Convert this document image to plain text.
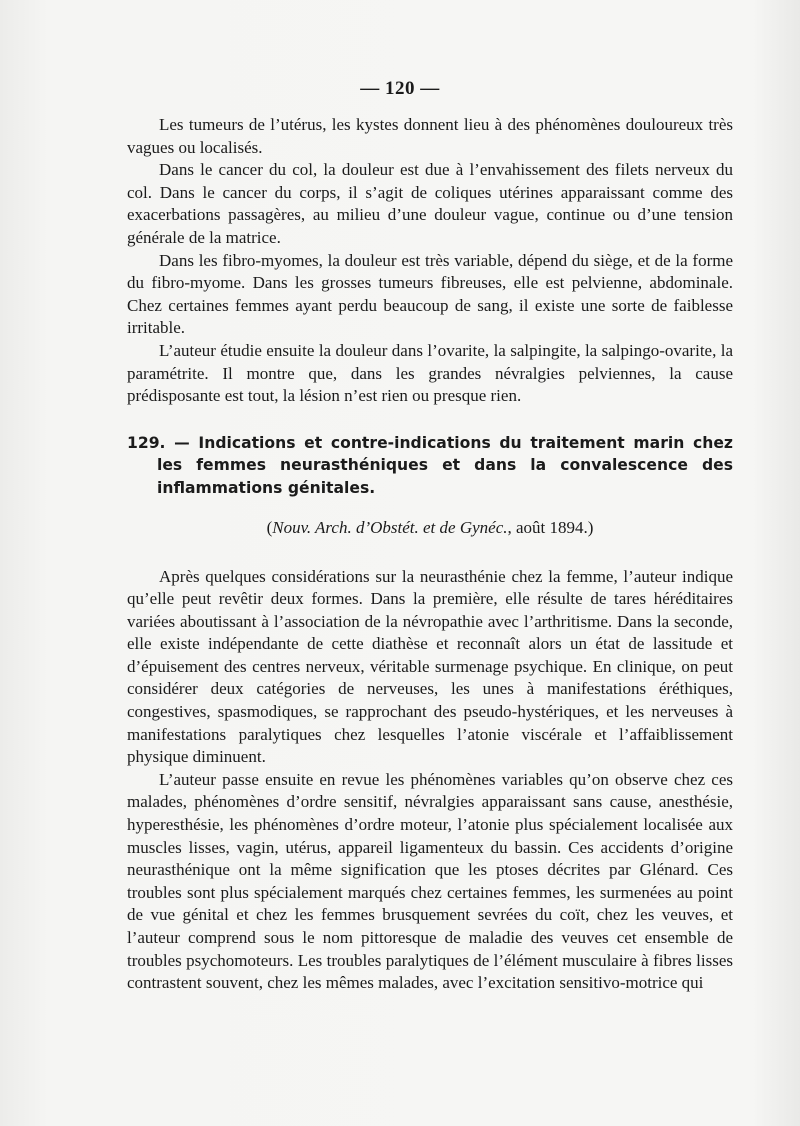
— 120 —

Les tumeurs de l’utérus, les kystes donnent lieu à des phénomènes douloureux très vagues ou localisés.

Dans le cancer du col, la douleur est due à l’envahissement des filets nerveux du col. Dans le cancer du corps, il s’agit de coliques utérines apparaissant comme des exacerbations passagères, au milieu d’une douleur vague, continue ou d’une tension générale de la matrice.

Dans les fibro-myomes, la douleur est très variable, dépend du siège, et de la forme du fibro-myome. Dans les grosses tumeurs fibreuses, elle est pelvienne, abdominale. Chez certaines femmes ayant perdu beaucoup de sang, il existe une sorte de faiblesse irritable.

L’auteur étudie ensuite la douleur dans l’ovarite, la salpingite, la salpingo-ovarite, la paramétrite. Il montre que, dans les grandes névralgies pelviennes, la cause prédisposante est tout, la lésion n’est rien ou presque rien.

129. — Indications et contre-indications du traitement marin chez les femmes neurasthéniques et dans la convalescence des inflammations génitales.
(Nouv. Arch. d’Obstét. et de Gynéc., août 1894.)

Après quelques considérations sur la neurasthénie chez la femme, l’auteur indique qu’elle peut revêtir deux formes. Dans la première, elle résulte de tares héréditaires variées aboutissant à l’association de la névropathie avec l’arthritisme. Dans la seconde, elle existe indépendante de cette diathèse et reconnaît alors un état de lassitude et d’épuisement des centres nerveux, véritable surmenage psychique. En clinique, on peut considérer deux catégories de nerveuses, les unes à manifestations éréthiques, congestives, spasmodiques, se rapprochant des pseudo-hystériques, et les nerveuses à manifestations paralytiques chez lesquelles l’atonie viscérale et l’affaiblissement physique diminuent.

L’auteur passe ensuite en revue les phénomènes variables qu’on observe chez ces malades, phénomènes d’ordre sensitif, névralgies apparaissant sans cause, anesthésie, hyperesthésie, les phénomènes d’ordre moteur, l’atonie plus spécialement localisée aux muscles lisses, vagin, utérus, appareil ligamenteux du bassin. Ces accidents d’origine neurasthénique ont la même signification que les ptoses décrites par Glénard. Ces troubles sont plus spécialement marqués chez certaines femmes, les surmenées au point de vue génital et chez les femmes brusquement sevrées du coït, chez les veuves, et l’auteur comprend sous le nom pittoresque de maladie des veuves cet ensemble de troubles psychomoteurs. Les troubles paralytiques de l’élément musculaire à fibres lisses contrastent souvent, chez les mêmes malades, avec l’excitation sensitivo-motrice qui
